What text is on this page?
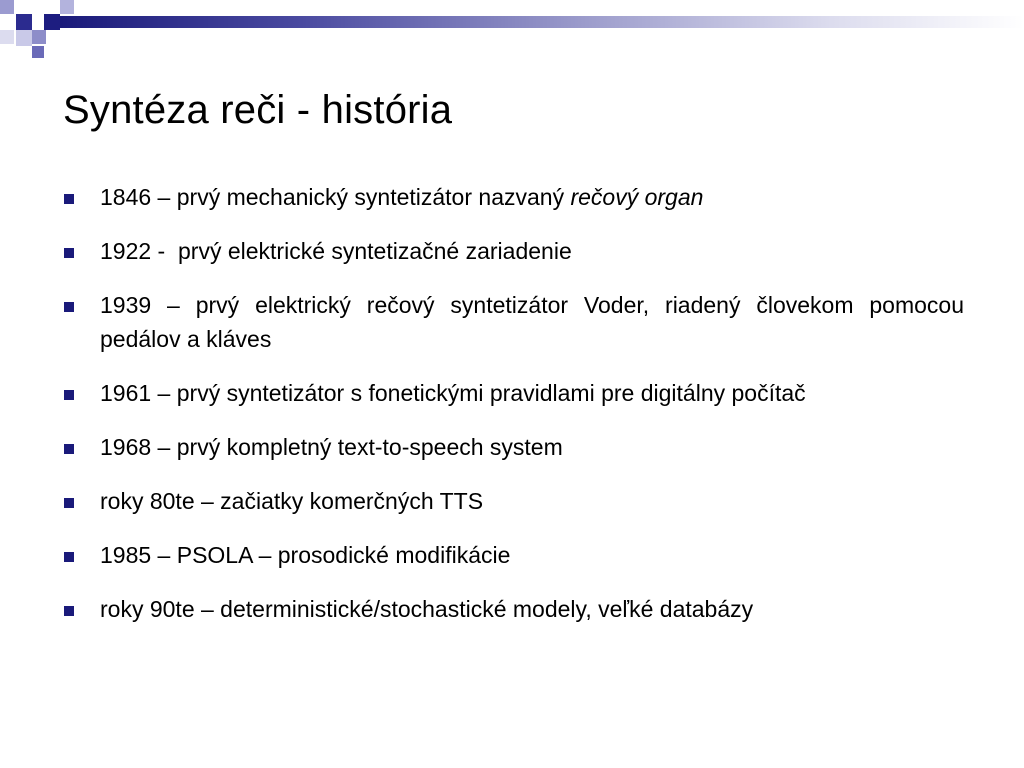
Syntéza reči - história
1846 – prvý mechanický syntetizátor nazvaný rečový organ
1922 -  prvý elektrické syntetizačné zariadenie
1939 – prvý elektrický rečový syntetizátor Voder, riadený človekom pomocou pedálov a kláves
1961 – prvý syntetizátor s fonetickými pravidlami pre digitálny počítač
1968 – prvý kompletný text-to-speech system
roky 80te – začiatky komerčných TTS
1985 – PSOLA – prosodické modifikácie
roky 90te – deterministické/stochastické modely, veľké databázy
